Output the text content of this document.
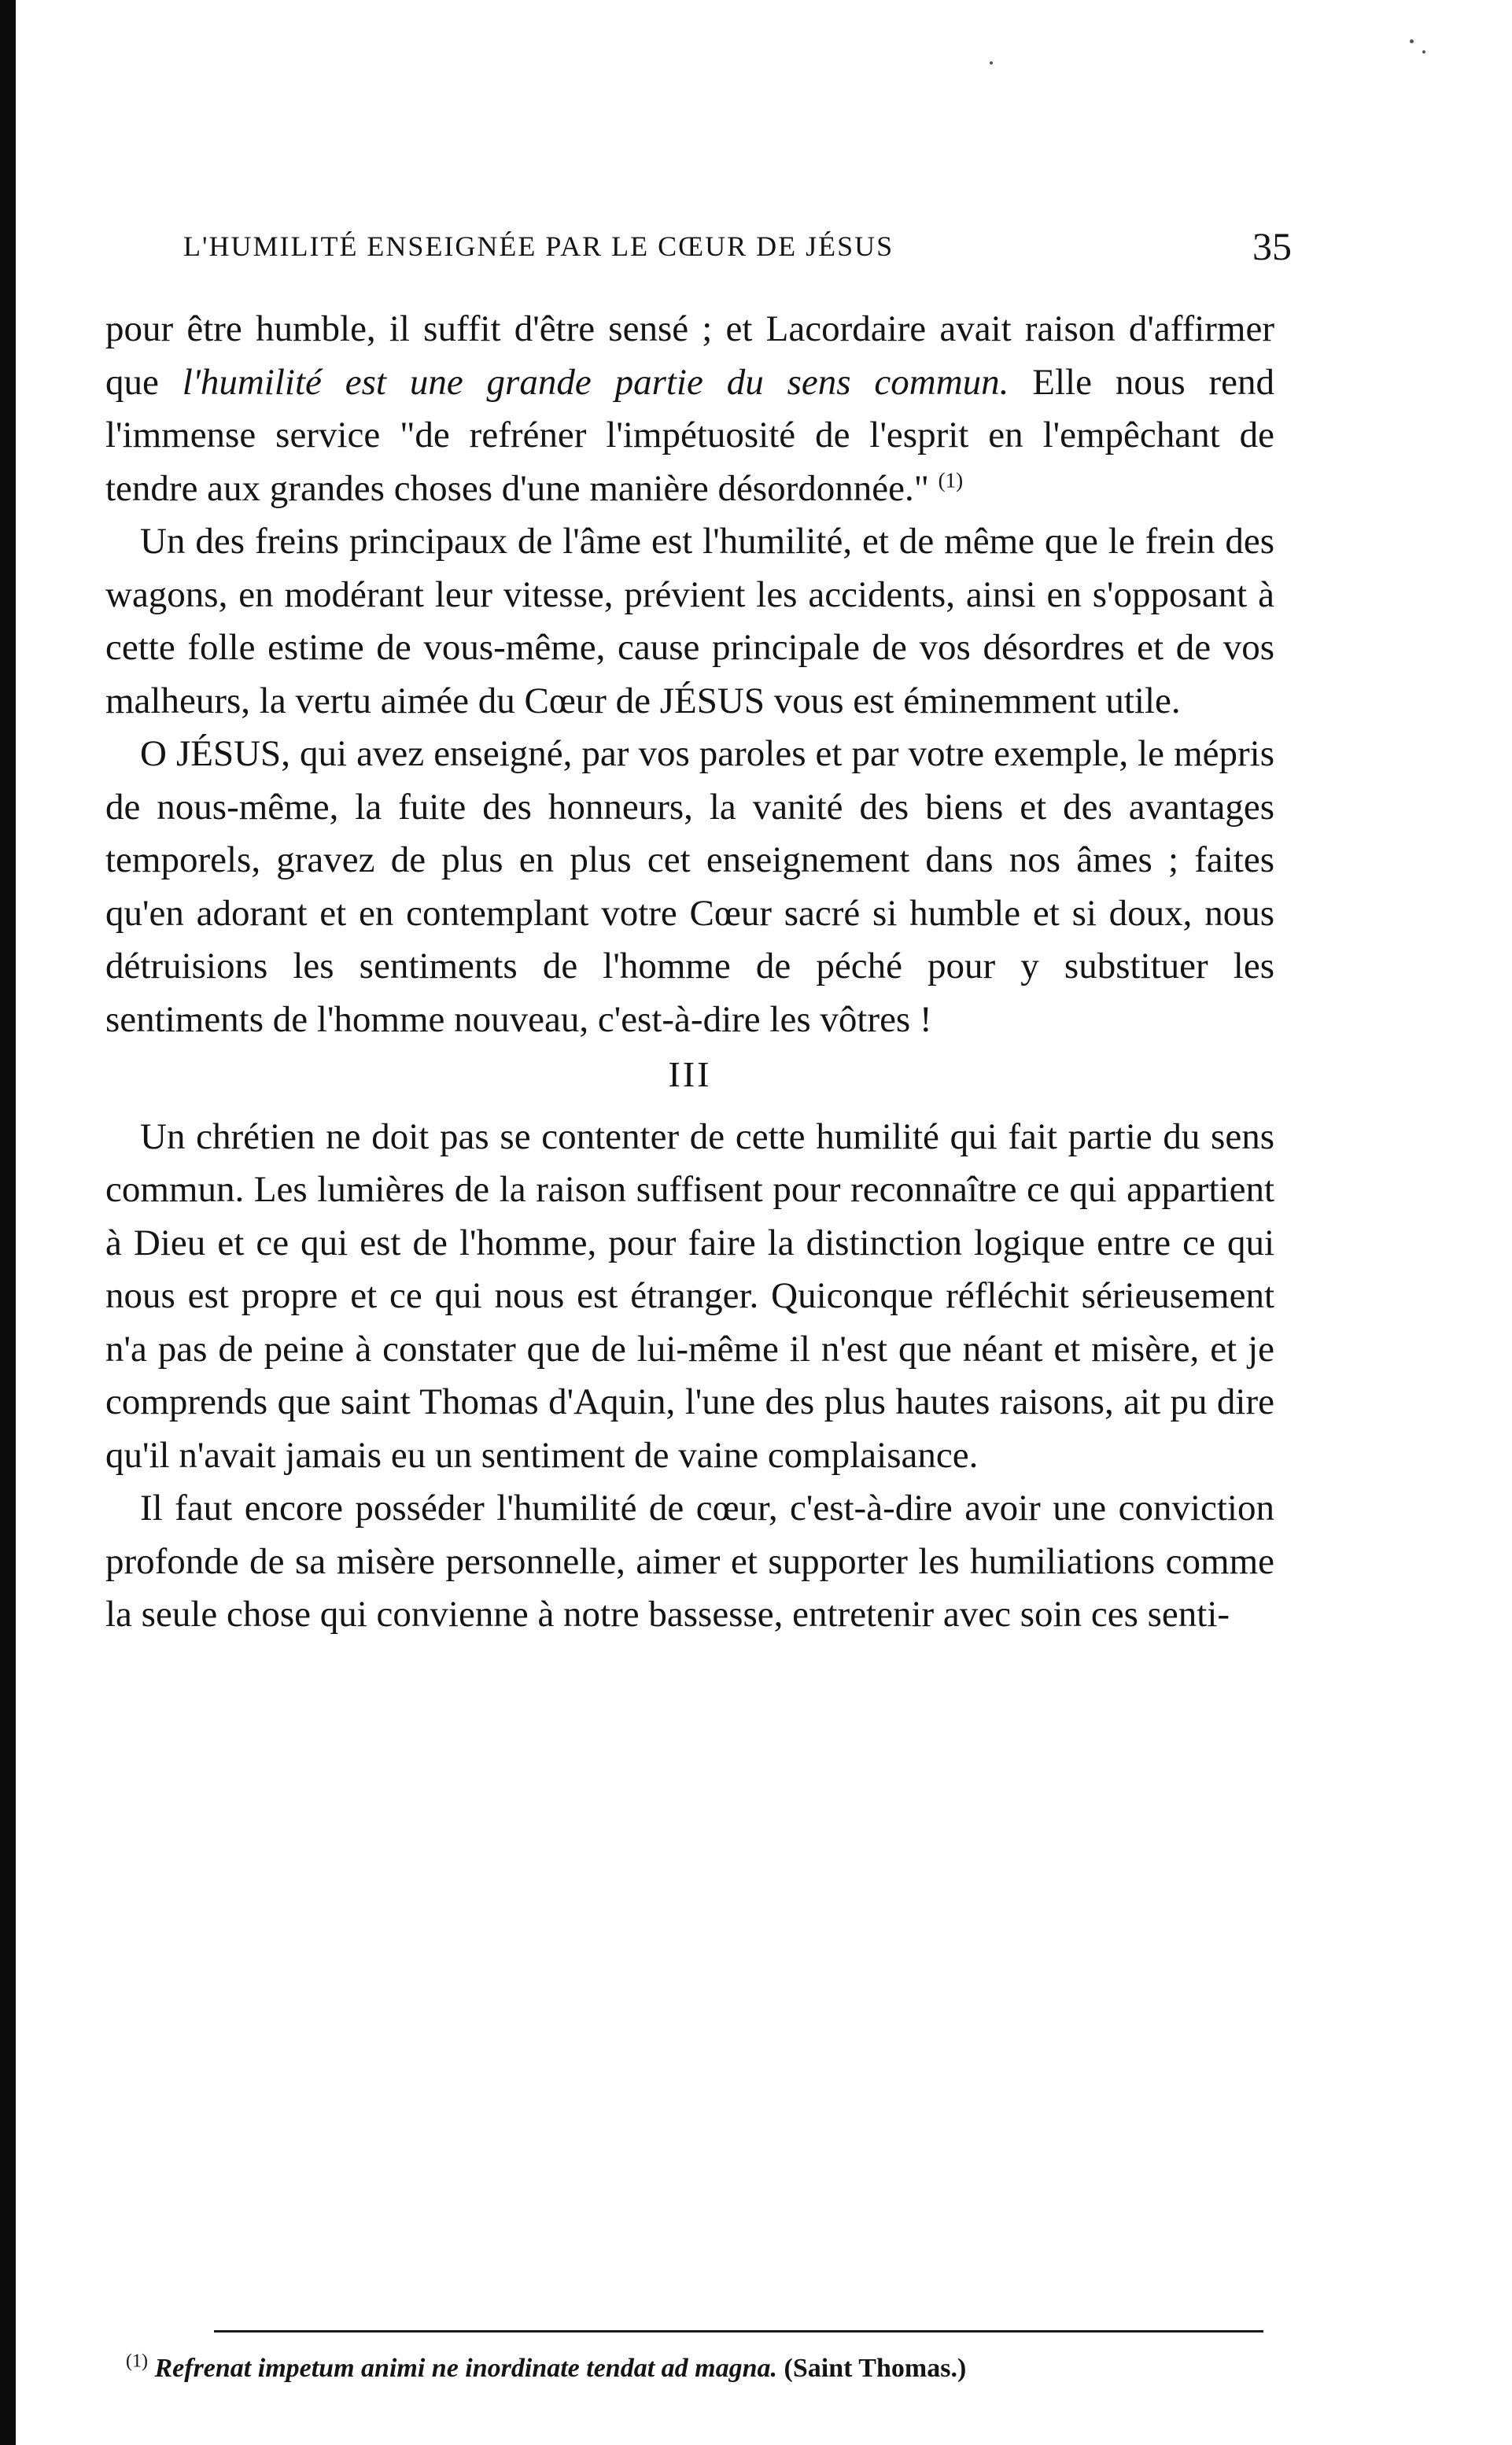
L'HUMILITÉ ENSEIGNÉE PAR LE CŒUR DE JÉSUS	35

pour être humble, il suffit d'être sensé ; et Lacordaire avait raison d'affirmer que l'humilité est une grande partie du sens commun. Elle nous rend l'immense service "de refréner l'impétuosité de l'esprit en l'empêchant de tendre aux grandes choses d'une manière désordonnée." $^{(1)}$

Un des freins principaux de l'âme est l'humilité, et de même que le frein des wagons, en modérant leur vitesse, prévient les accidents, ainsi en s'opposant à cette folle estime de vous-même, cause principale de vos désordres et de vos malheurs, la vertu aimée du Cœur de JÉSUS vous est éminemment utile.

O JÉSUS, qui avez enseigné, par vos paroles et par votre exemple, le mépris de nous-même, la fuite des honneurs, la vanité des biens et des avantages temporels, gravez de plus en plus cet enseignement dans nos âmes ; faites qu'en adorant et en contemplant votre Cœur sacré si humble et si doux, nous détruisions les sentiments de l'homme de péché pour y substituer les sentiments de l'homme nouveau, c'est-à-dire les vôtres !

III

Un chrétien ne doit pas se contenter de cette humilité qui fait partie du sens commun. Les lumières de la raison suffisent pour reconnaître ce qui appartient à Dieu et ce qui est de l'homme, pour faire la distinction logique entre ce qui nous est propre et ce qui nous est étranger. Quiconque réfléchit sérieusement n'a pas de peine à constater que de lui-même il n'est que néant et misère, et je comprends que saint Thomas d'Aquin, l'une des plus hautes raisons, ait pu dire qu'il n'avait jamais eu un sentiment de vaine complaisance.

Il faut encore posséder l'humilité de cœur, c'est-à-dire avoir une conviction profonde de sa misère personnelle, aimer et supporter les humiliations comme la seule chose qui convienne à notre bassesse, entretenir avec soin ces senti-

$^{(1)}$ Refrenat impetum animi ne inordinate tendat ad magna. (Saint Thomas.)
